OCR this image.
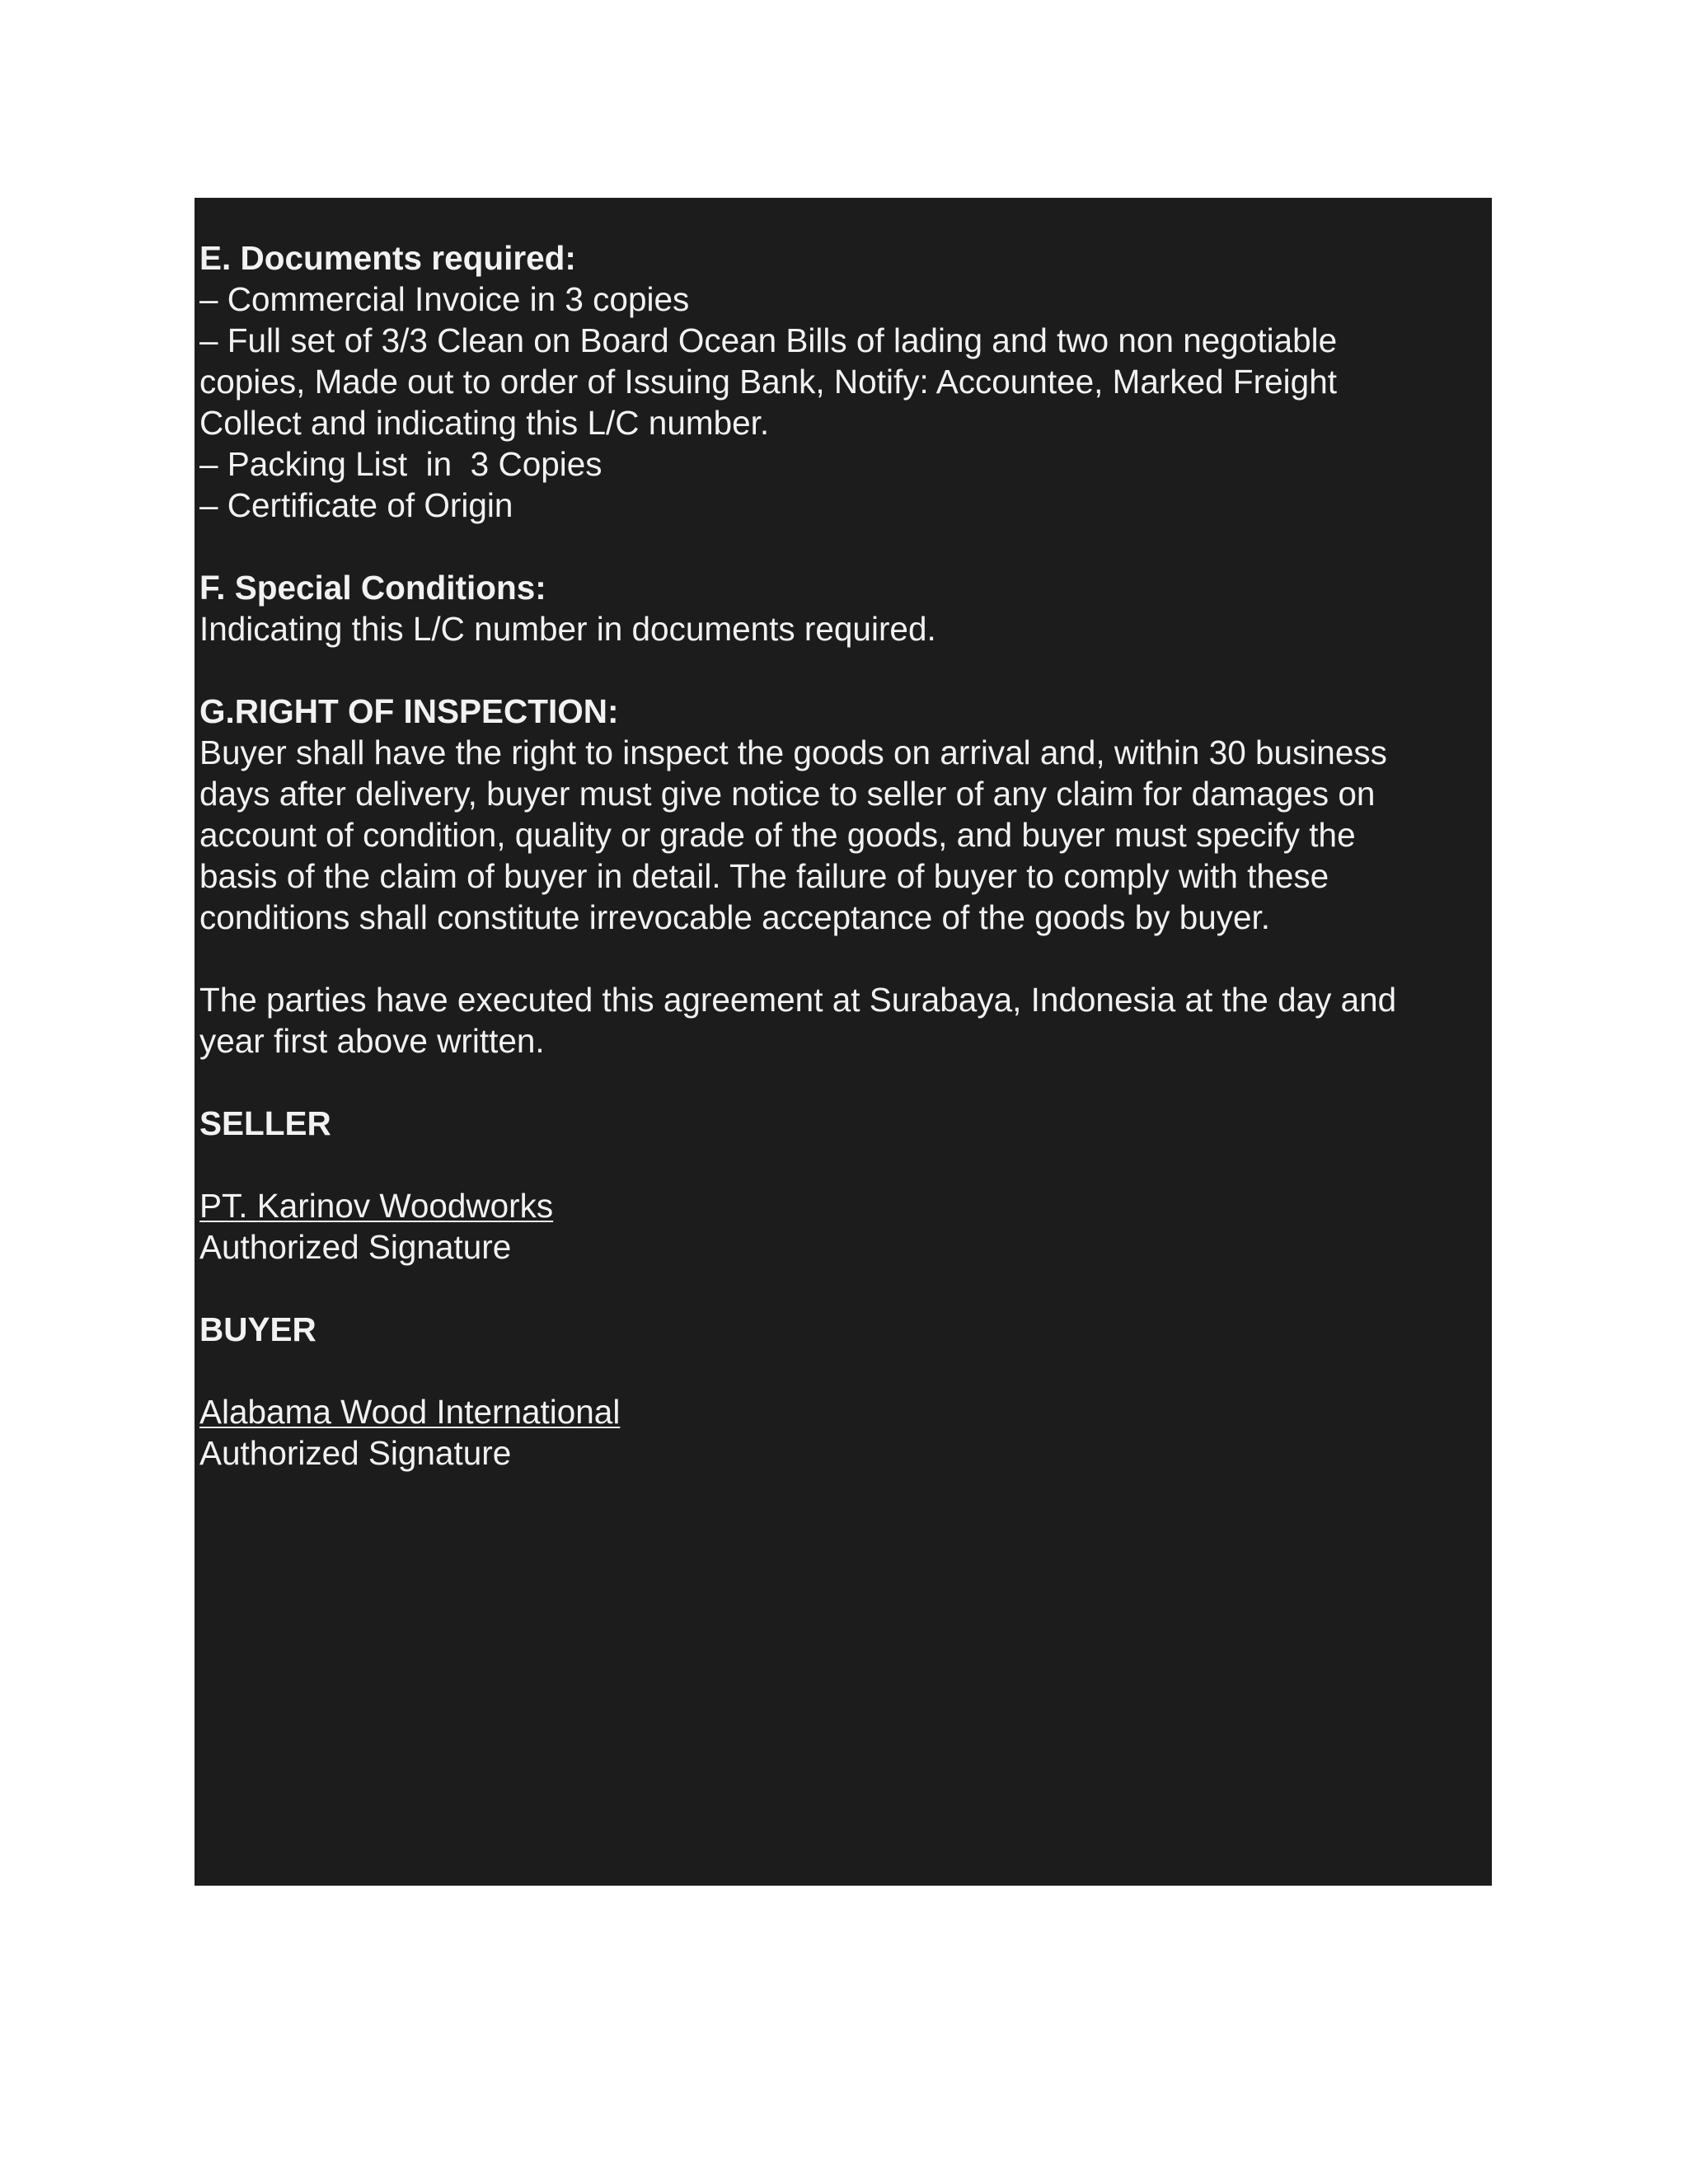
E. Documents required:

– Commercial Invoice in 3 copies

– Full set of 3/3 Clean on Board Ocean Bills of lading and two non negotiable

copies, Made out to order of Issuing Bank, Notify: Accountee, Marked Freight

Collect and indicating this L/C number.

– Packing List  in  3 Copies

– Certificate of Origin

F. Special Conditions:

Indicating this L/C number in documents required.

G.RIGHT OF INSPECTION:

Buyer shall have the right to inspect the goods on arrival and, within 30 business

days after delivery, buyer must give notice to seller of any claim for damages on

account of condition, quality or grade of the goods, and buyer must specify the

basis of the claim of buyer in detail. The failure of buyer to comply with these

conditions shall constitute irrevocable acceptance of the goods by buyer.

The parties have executed this agreement at Surabaya, Indonesia at the day and

year first above written.

SELLER

PT. Karinov Woodworks

Authorized Signature

BUYER

Alabama Wood International

Authorized Signature
